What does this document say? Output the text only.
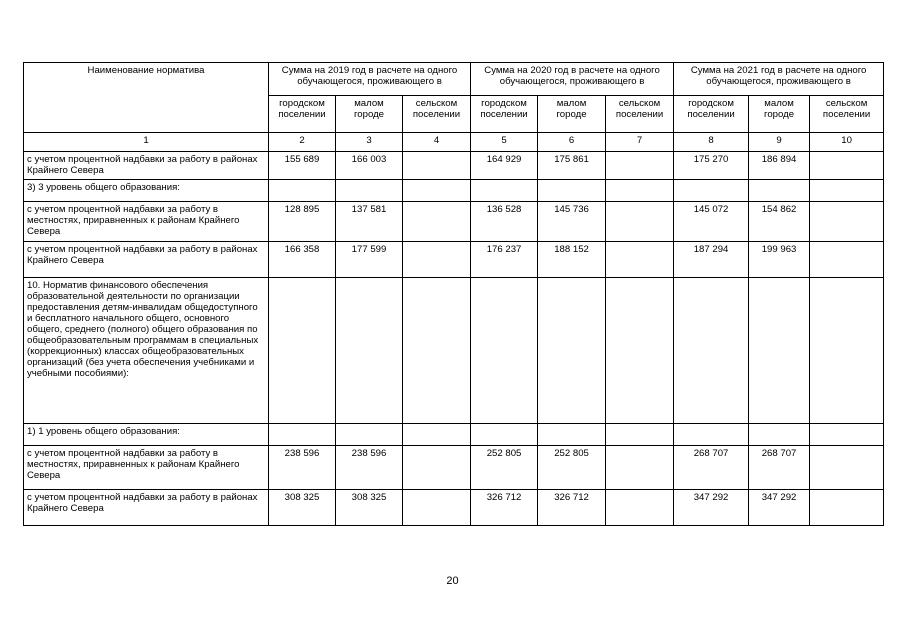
Наименование норматива	Сумма на 2019 год в расчете на одного обучающегося, проживающего в			Сумма на 2020 год в расчете на одного обучающегося, проживающего в			Сумма на 2021 год в расчете на одного обучающегося, проживающего в		
	городском поселении	малом городе	сельском поселении	городском поселении	малом городе	сельском поселении	городском поселении	малом городе	сельском поселении
1	2	3	4	5	6	7	8	9	10
с учетом процентной надбавки за работу в районах Крайнего Севера	155 689	166 003		164 929	175 861		175 270	186 894	
3) 3 уровень общего образования:									
с учетом процентной надбавки за работу в местностях, приравненных к районам Крайнего Севера	128 895	137 581		136 528	145 736		145 072	154 862	
с учетом процентной надбавки за работу в районах Крайнего Севера	166 358	177 599		176 237	188 152		187 294	199 963	
10. Норматив финансового обеспечения образовательной деятельности по организации предоставления детям-инвалидам общедоступного и бесплатного начального общего, основного общего, среднего (полного) общего образования по общеобразовательным программам в специальных (коррекционных) классах общеобразовательных организаций (без учета обеспечения учебниками и учебными пособиями):									
1) 1 уровень общего образования:									
с учетом процентной надбавки за работу в местностях, приравненных к районам Крайнего Севера	238 596	238 596		252 805	252 805		268 707	268 707	
с учетом процентной надбавки за работу в районах Крайнего Севера	308 325	308 325		326 712	326 712		347 292	347 292	
20
